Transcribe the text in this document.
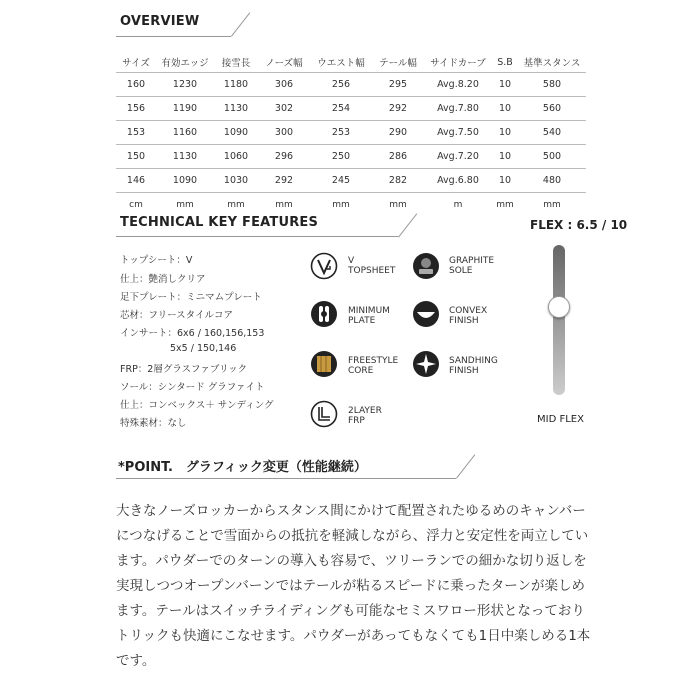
OVERVIEW
サイズ	有効エッジ	接雪長	ノーズ幅	ウエスト幅	テール幅	サイドカーブ	S.B	基準スタンス
160	1230	1180	306	256	295	Avg.8.20	10	580
156	1190	1130	302	254	292	Avg.7.80	10	560
153	1160	1090	300	253	290	Avg.7.50	10	540
150	1130	1060	296	250	286	Avg.7.20	10	500
146	1090	1030	292	245	282	Avg.6.80	10	480
cm	mm	mm	mm	mm	mm	m	mm	mm
TECHNICAL KEY FEATURES
トップシート：V
仕上：艶消しクリア
足下プレート：ミニマムプレート
芯材：フリースタイルコア
インサート：6x6 / 160,156,153
5x5 / 150,146
FRP：2層グラスファブリック
ソール：シンタード グラファイト
仕上：コンベックス＋ サンディング
特殊素材：なし
V
TOPSHEET
GRAPHITE
SOLE
MINIMUM
PLATE
CONVEX
FINISH
FREESTYLE
CORE
SANDHING
FINISH
2LAYER
FRP
FLEX : 6.5 / 10
MID FLEX
*POINT.　グラフィック変更（性能継続）
大きなノーズロッカーからスタンス間にかけて配置されたゆるめのキャンバー
につなげることで雪面からの抵抗を軽減しながら、浮力と安定性を両立してい
ます。パウダーでのターンの導入も容易で、ツリーランでの細かな切り返しを
実現しつつオープンバーンではテールが粘るスピードに乗ったターンが楽しめ
ます。テールはスイッチライディングも可能なセミスワロー形状となっており
トリックも快適にこなせます。パウダーがあってもなくても1日中楽しめる1本
です。
